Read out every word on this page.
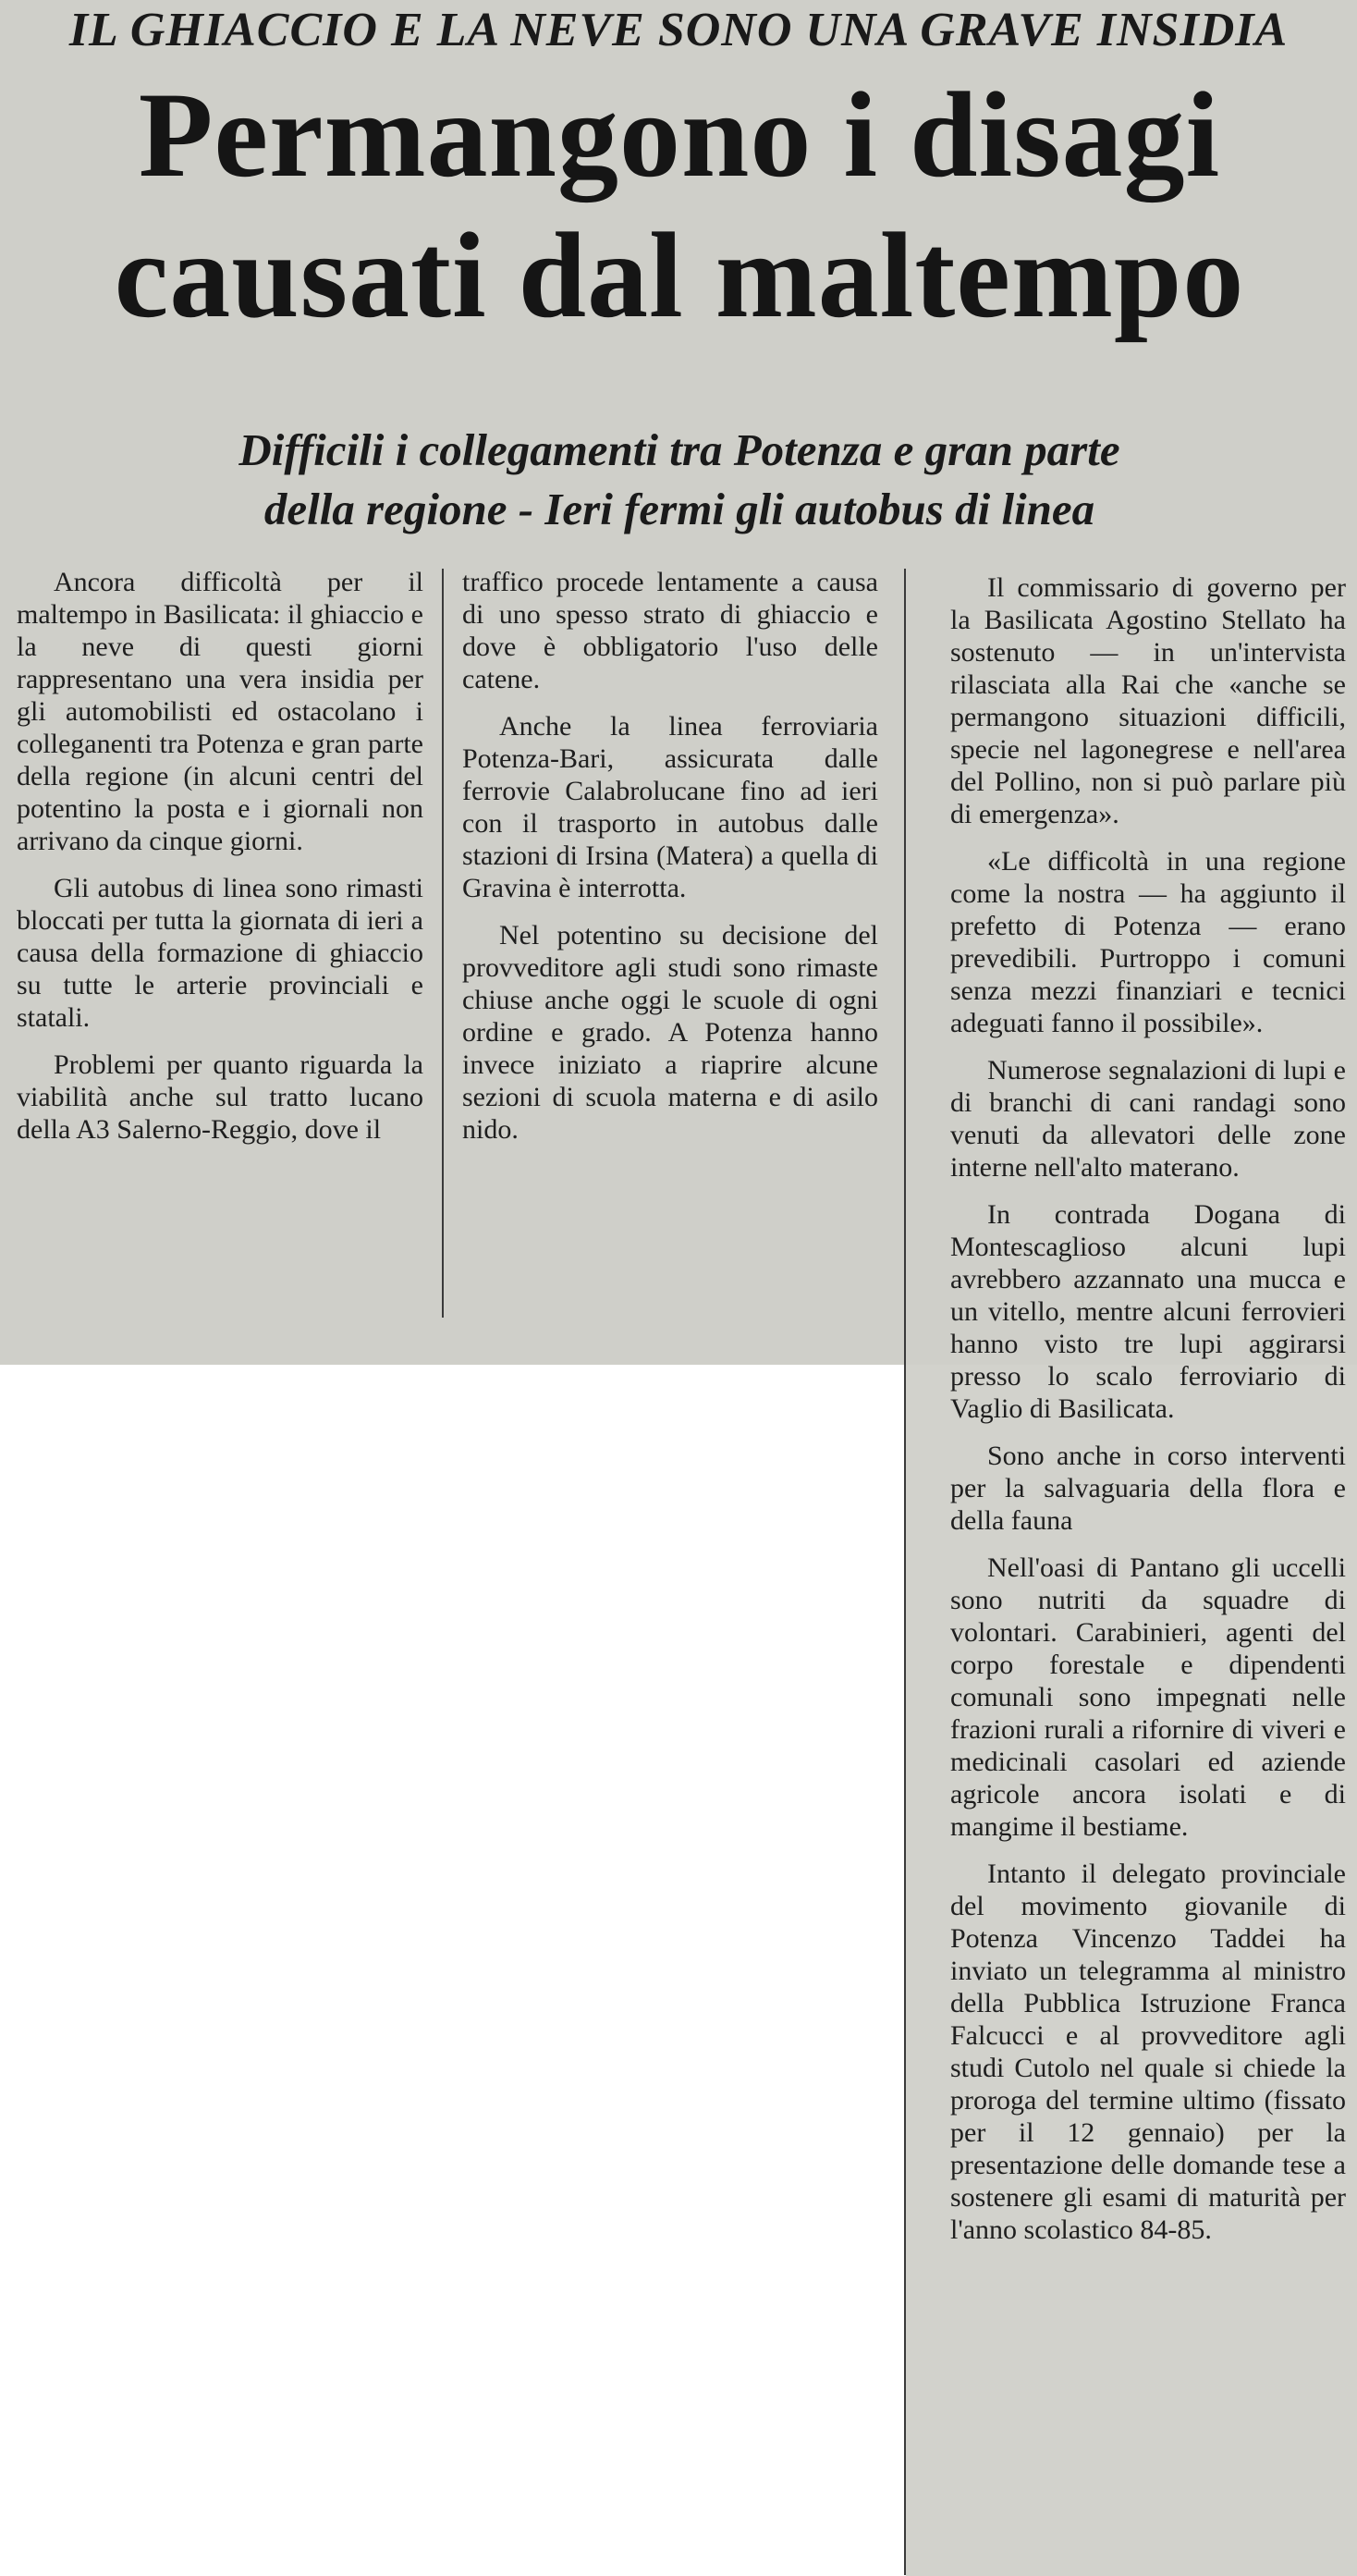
IL GHIACCIO E LA NEVE SONO UNA GRAVE INSIDIA
Permangono i disagi
causati dal maltempo
Difficili i collegamenti tra Potenza e gran parte
della regione - Ieri fermi gli autobus di linea

Ancora difficoltà per il maltempo in Basilicata: il ghiaccio e la neve di questi giorni rappresentano una vera insidia per gli automobilisti ed ostacolano i colleganenti tra Potenza e gran parte della regione (in alcuni centri del potentino la posta e i giornali non arrivano da cinque giorni.

Gli autobus di linea sono rimasti bloccati per tutta la giornata di ieri a causa della formazione di ghiaccio su tutte le arterie provinciali e statali.

Problemi per quanto riguarda la viabilità anche sul tratto lucano della A3 Salerno-Reggio, dove il

traffico procede lentamente a causa di uno spesso strato di ghiaccio e dove è obbligatorio l'uso delle catene.

Anche la linea ferroviaria Potenza-Bari, assicurata dalle ferrovie Calabrolucane fino ad ieri con il trasporto in autobus dalle stazioni di Irsina (Matera) a quella di Gravina è interrotta.

Nel potentino su decisione del provveditore agli studi sono rimaste chiuse anche oggi le scuole di ogni ordine e grado. A Potenza hanno invece iniziato a riaprire alcune sezioni di scuola materna e di asilo nido.

Il commissario di governo per la Basilicata Agostino Stellato ha sostenuto — in un'intervista rilasciata alla Rai che «anche se permangono situazioni difficili, specie nel lagonegrese e nell'area del Pollino, non si può parlare più di emergenza».

«Le difficoltà in una regione come la nostra — ha aggiunto il prefetto di Potenza — erano prevedibili. Purtroppo i comuni senza mezzi finanziari e tecnici adeguati fanno il possibile».

Numerose segnalazioni di lupi e di branchi di cani randagi sono venuti da allevatori delle zone interne nell'alto materano.

In contrada Dogana di Montescaglioso alcuni lupi avrebbero azzannato una mucca e un vitello, mentre alcuni ferrovieri hanno visto tre lupi aggirarsi presso lo scalo ferroviario di Vaglio di Basilicata.

Sono anche in corso interventi per la salvaguaria della flora e della fauna

Nell'oasi di Pantano gli uccelli sono nutriti da squadre di volontari. Carabinieri, agenti del corpo forestale e dipendenti comunali sono impegnati nelle frazioni rurali a rifornire di viveri e medicinali casolari ed aziende agricole ancora isolati e di mangime il bestiame.

Intanto il delegato provinciale del movimento giovanile di Potenza Vincenzo Taddei ha inviato un telegramma al ministro della Pubblica Istruzione Franca Falcucci e al provveditore agli studi Cutolo nel quale si chiede la proroga del termine ultimo (fissato per il 12 gennaio) per la presentazione delle domande tese a sostenere gli esami di maturità per l'anno scolastico 84-85.
